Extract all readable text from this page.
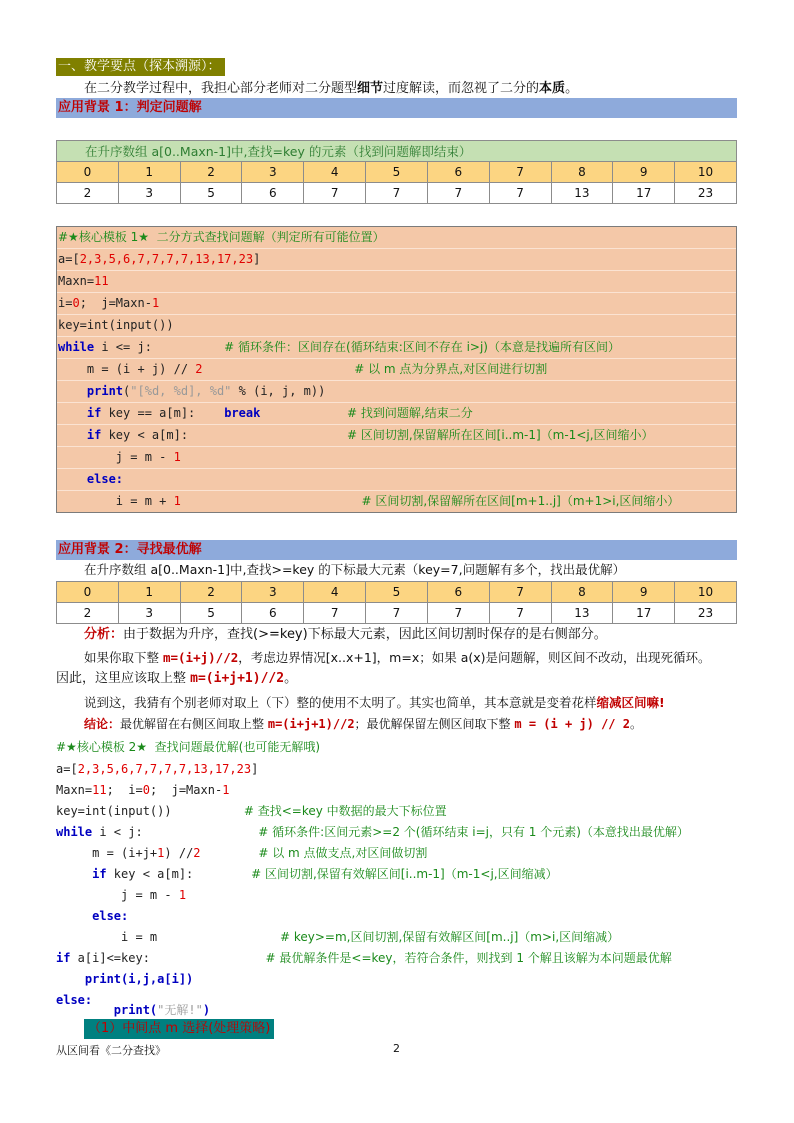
一、教学要点（探本溯源）：
在二分教学过程中，我担心部分老师对二分题型细节过度解读，而忽视了二分的本质。
应用背景 1：判定问题解
在升序数组 a[0..Maxn-1]中,查找=key 的元素（找到问题解即结束）										
0	1	2	3	4	5	6	7	8	9	10
2	3	5	6	7	7	7	7	13	17	23
#★核心模板 1★  二分方式查找问题解（判定所有可能位置）
a=[2,3,5,6,7,7,7,7,13,17,23]
Maxn=11
i=0;  j=Maxn-1
key=int(input())
while i <= j:          # 循环条件：区间存在(循环结束:区间不存在 i>j)（本意是找遍所有区间）
m = (i + j) // 2	# 以 m 点为分界点,对区间进行切割
print("[%d, %d], %d" % (i, j, m))
if key == a[m]:    break	# 找到问题解,结束二分
if key < a[m]:                      # 区间切割,保留解所在区间[i..m-1]（m-1<j,区间缩小）
j = m - 1
else:
i = m + 1	# 区间切割,保留解所在区间[m+1..j]（m+1>i,区间缩小）
应用背景 2：寻找最优解
在升序数组 a[0..Maxn-1]中,查找>=key 的下标最大元素（key=7,问题解有多个，找出最优解）
0	1	2	3	4	5	6	7	8	9	10
2	3	5	6	7	7	7	7	13	17	23
分析：由于数据为升序，查找(>=key)下标最大元素，因此区间切割时保存的是右侧部分。
如果你取下整 m=(i+j)//2，考虑边界情况[x..x+1]，m=x；如果 a(x)是问题解，则区间不改动，出现死循环。
因此，这里应该取上整 m=(i+j+1)//2。
说到这，我猜有个别老师对取上（下）整的使用不太明了。其实也简单，其本意就是变着花样缩减区间嘛!
结论：最优解留在右侧区间取上整 m=(i+j+1)//2；最优解保留左侧区间取下整 m = (i + j) // 2。
#★核心模板 2★  查找问题最优解(也可能无解哦)
a=[2,3,5,6,7,7,7,7,13,17,23]
Maxn=11;  i=0;  j=Maxn-1
key=int(input())          # 查找<=key 中数据的最大下标位置
while i < j:                # 循环条件:区间元素>=2 个(循环结束 i=j，只有 1 个元素)（本意找出最优解）
m = (i+j+1) //2	# 以 m 点做支点,对区间做切割
if key < a[m]:        # 区间切割,保留有效解区间[i..m-1]（m-1<j,区间缩减）
j = m - 1
else:
i = m                 # key>=m,区间切割,保留有效解区间[m..j]（m>i,区间缩减）
if a[i]<=key:                # 最优解条件是<=key，若符合条件，则找到 1 个解且该解为本问题最优解
print(i,j,a[i])
else:
print("无解!")
（1）中间点 m 选择(处理策略)
从区间看《二分查找》	2
